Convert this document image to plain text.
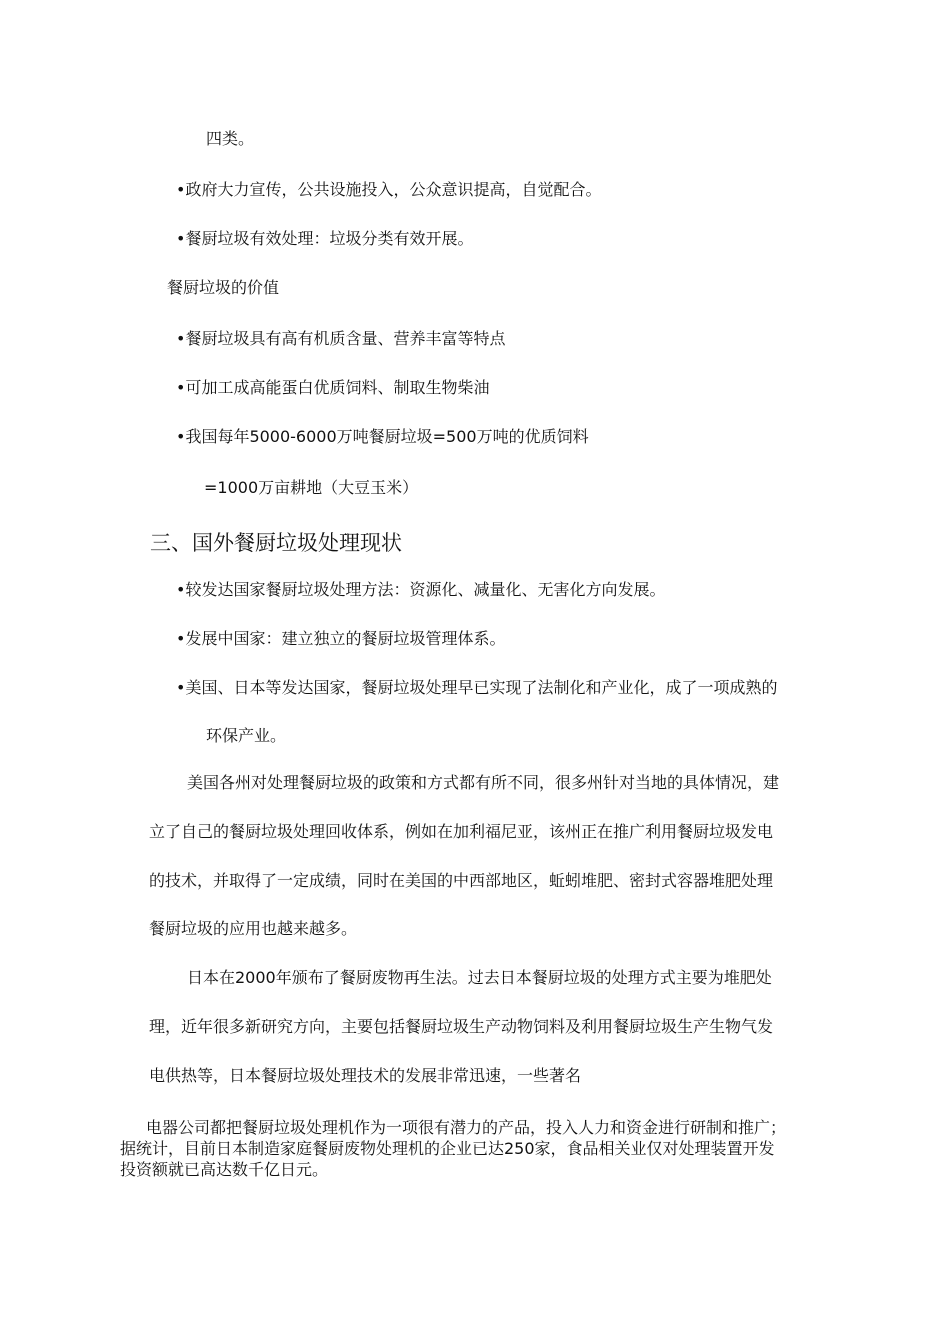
四类。
•政府大力宣传，公共设施投入，公众意识提高，自觉配合。
•餐厨垃圾有效处理：垃圾分类有效开展。
餐厨垃圾的价值
•餐厨垃圾具有高有机质含量、营养丰富等特点
•可加工成高能蛋白优质饲料、制取生物柴油
•我国每年5000-6000万吨餐厨垃圾=500万吨的优质饲料
=1000万亩耕地（大豆玉米）
三、国外餐厨垃圾处理现状
•较发达国家餐厨垃圾处理方法：资源化、减量化、无害化方向发展。
•发展中国家：建立独立的餐厨垃圾管理体系。
•美国、日本等发达国家，餐厨垃圾处理早已实现了法制化和产业化，成了一项成熟的
环保产业。
美国各州对处理餐厨垃圾的政策和方式都有所不同，很多州针对当地的具体情况，建
立了自己的餐厨垃圾处理回收体系，例如在加利福尼亚，该州正在推广利用餐厨垃圾发电
的技术，并取得了一定成绩，同时在美国的中西部地区，蚯蚓堆肥、密封式容器堆肥处理
餐厨垃圾的应用也越来越多。
日本在2000年颁布了餐厨废物再生法。过去日本餐厨垃圾的处理方式主要为堆肥处
理，近年很多新研究方向，主要包括餐厨垃圾生产动物饲料及利用餐厨垃圾生产生物气发
电供热等，日本餐厨垃圾处理技术的发展非常迅速，一些著名
电器公司都把餐厨垃圾处理机作为一项很有潜力的产品，投入人力和资金进行研制和推广；
据统计，目前日本制造家庭餐厨废物处理机的企业已达250家，食品相关业仅对处理装置开发
投资额就已高达数千亿日元。
